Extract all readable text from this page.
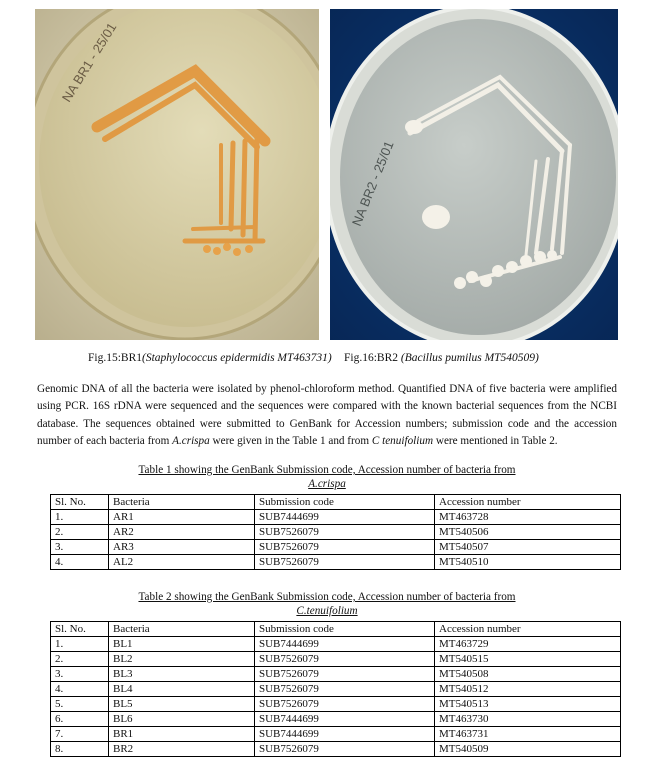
NA BR1 - 25/01
NA BR2 - 25/01
Fig.15:BR1(Staphylococcus epidermidis MT463731) Fig.16:BR2 (Bacillus pumilus MT540509)

Genomic DNA of all the bacteria were isolated by phenol-chloroform method. Quantified DNA of five bacteria were amplified using PCR. 16S rDNA were sequenced and the sequences were compared with the known bacterial sequences from the NCBI database. The sequences obtained were submitted to GenBank for Accession numbers; submission code and the accession number of each bacteria from A.crispa were given in the Table 1 and from C tenuifolium were mentioned in Table 2.

Table 1 showing the GenBank Submission code, Accession number of bacteria from
A.crispa
Sl. No.	Bacteria	Submission code	Accession number
1.	AR1	SUB7444699	MT463728
2.	AR2	SUB7526079	MT540506
3.	AR3	SUB7526079	MT540507
4.	AL2	SUB7526079	MT540510
Table 2 showing the GenBank Submission code, Accession number of bacteria from
C.tenuifolium
Sl. No.	Bacteria	Submission code	Accession number
1.	BL1	SUB7444699	MT463729
2.	BL2	SUB7526079	MT540515
3.	BL3	SUB7526079	MT540508
4.	BL4	SUB7526079	MT540512
5.	BL5	SUB7526079	MT540513
6.	BL6	SUB7444699	MT463730
7.	BR1	SUB7444699	MT463731
8.	BR2	SUB7526079	MT540509
